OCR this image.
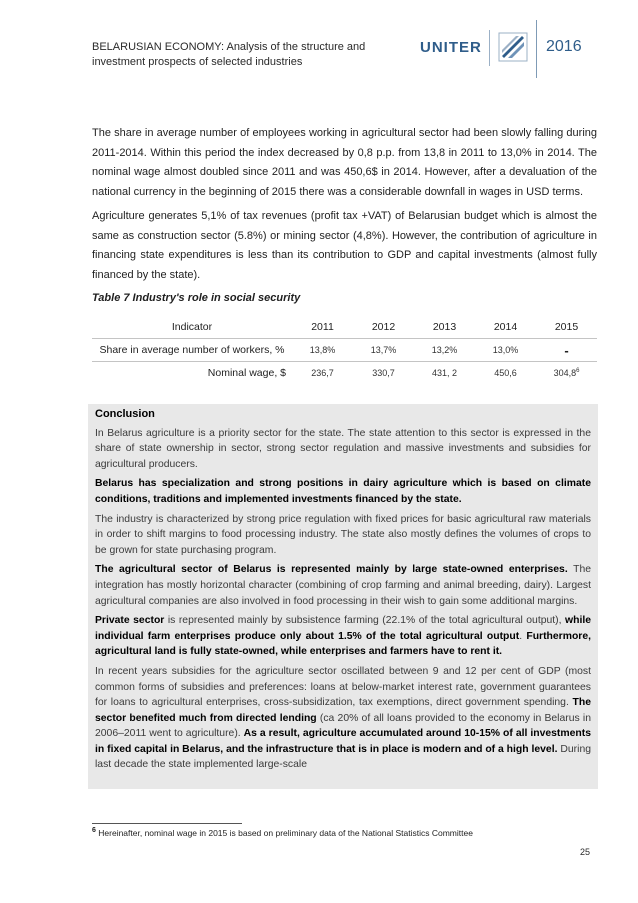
BELARUSIAN ECONOMY: Analysis of the structure and investment prospects of selected industries
UNITER	2016

The share in average number of employees working in agricultural sector had been slowly falling during 2011-2014. Within this period the index decreased by 0,8 p.p. from 13,8 in 2011 to 13,0% in 2014. The nominal wage almost doubled since 2011 and was 450,6$ in 2014. However, after a devaluation of the national currency in the beginning of 2015 there was a considerable downfall in wages in USD terms.

Agriculture generates 5,1% of tax revenues (profit tax +VAT) of Belarusian budget which is almost the same as construction sector (5.8%) or mining sector (4,8%). However, the contribution of agriculture in financing state expenditures is less than its contribution to GDP and capital investments (almost fully financed by the state).

Table 7 Industry's role in social security

Indicator	2011	2012	2013	2014	2015
Share in average number of workers, %	13,8%	13,7%	13,2%	13,0%	-
Nominal wage, $	236,7	330,7	431, 2	450,6	304,8$^6$

Conclusion

In Belarus agriculture is a priority sector for the state. The state attention to this sector is expressed in the share of state ownership in sector, strong sector regulation and massive investments and subsidies for agricultural producers.

Belarus has specialization and strong positions in dairy agriculture which is based on climate conditions, traditions and implemented investments financed by the state.

The industry is characterized by strong price regulation with fixed prices for basic agricultural raw materials in order to shift margins to food processing industry. The state also mostly defines the volumes of crops to be grown for state purchasing program.

The agricultural sector of Belarus is represented mainly by large state-owned enterprises. The integration has mostly horizontal character (combining of crop farming and animal breeding, dairy). Largest agricultural companies are also involved in food processing in their wish to gain some additional margins.

Private sector is represented mainly by subsistence farming (22.1% of the total agricultural output), while individual farm enterprises produce only about 1.5% of the total agricultural output. Furthermore, agricultural land is fully state-owned, while enterprises and farmers have to rent it.

In recent years subsidies for the agriculture sector oscillated between 9 and 12 per cent of GDP (most common forms of subsidies and preferences: loans at below-market interest rate, government guarantees for loans to agricultural enterprises, cross-subsidization, tax exemptions, direct government spending. The sector benefited much from directed lending (ca 20% of all loans provided to the economy in Belarus in 2006–2011 went to agriculture). As a result, agriculture accumulated around 10-15% of all investments in fixed capital in Belarus, and the infrastructure that is in place is modern and of a high level. During last decade the state implemented large-scale

$^6$ Hereinafter, nominal wage in 2015 is based on preliminary data of the National Statistics Committee

25
